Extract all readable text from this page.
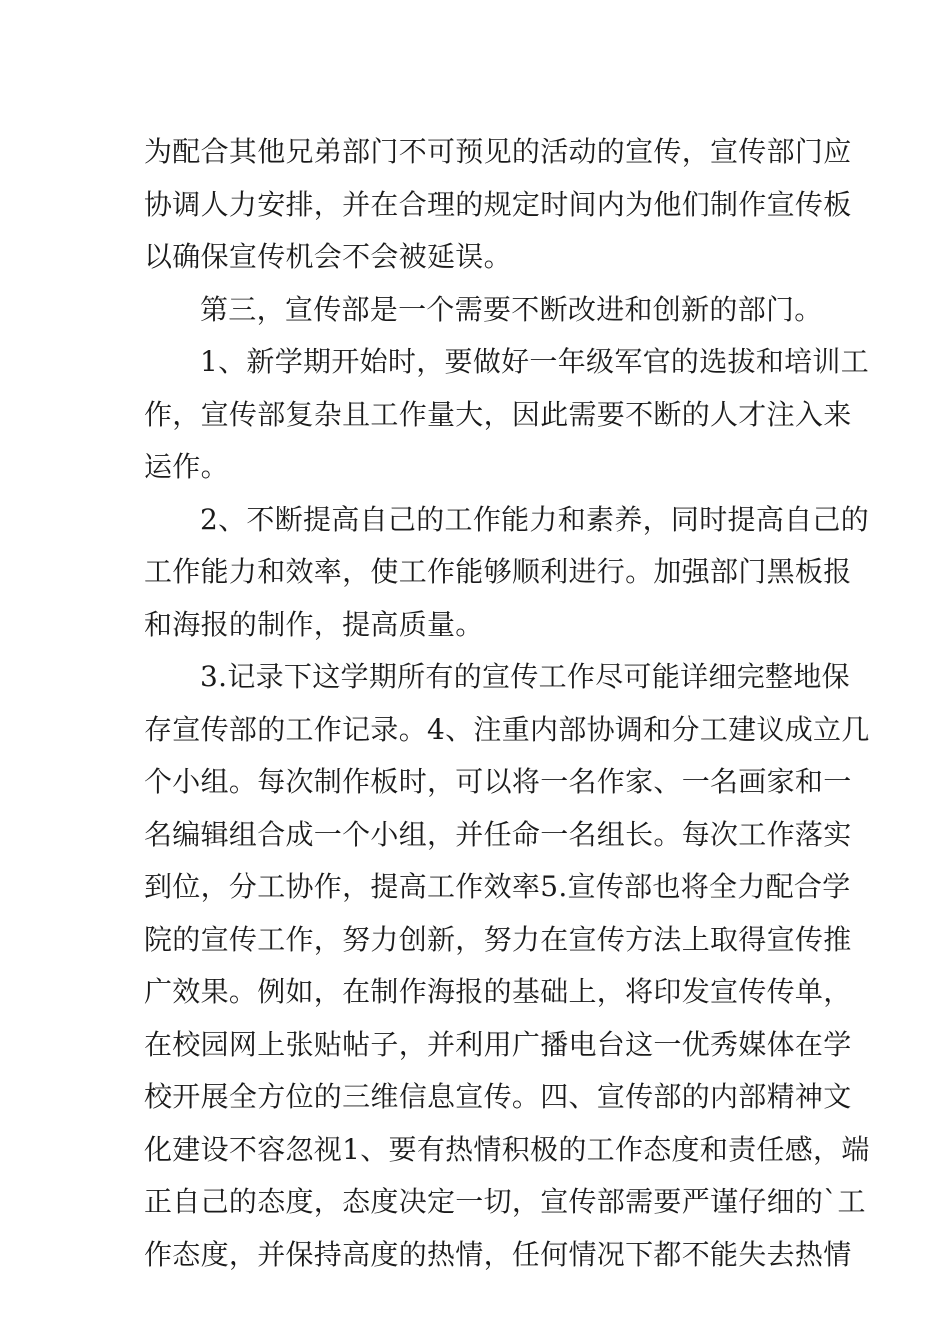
为配合其他兄弟部门不可预见的活动的宣传，宣传部门应
协调人力安排，并在合理的规定时间内为他们制作宣传板
以确保宣传机会不会被延误。
第三，宣传部是一个需要不断改进和创新的部门。
1、新学期开始时，要做好一年级军官的选拔和培训工
作，宣传部复杂且工作量大，因此需要不断的人才注入来
运作。
2、不断提高自己的工作能力和素养，同时提高自己的
工作能力和效率，使工作能够顺利进行。加强部门黑板报
和海报的制作，提高质量。
3.记录下这学期所有的宣传工作尽可能详细完整地保
存宣传部的工作记录。4、注重内部协调和分工建议成立几
个小组。每次制作板时，可以将一名作家、一名画家和一
名编辑组合成一个小组，并任命一名组长。每次工作落实
到位，分工协作，提高工作效率5.宣传部也将全力配合学
院的宣传工作，努力创新，努力在宣传方法上取得宣传推
广效果。例如，在制作海报的基础上，将印发宣传传单，
在校园网上张贴帖子，并利用广播电台这一优秀媒体在学
校开展全方位的三维信息宣传。四、宣传部的内部精神文
化建设不容忽视1、要有热情积极的工作态度和责任感，端
正自己的态度，态度决定一切，宣传部需要严谨仔细的`工
作态度，并保持高度的热情，任何情况下都不能失去热情
